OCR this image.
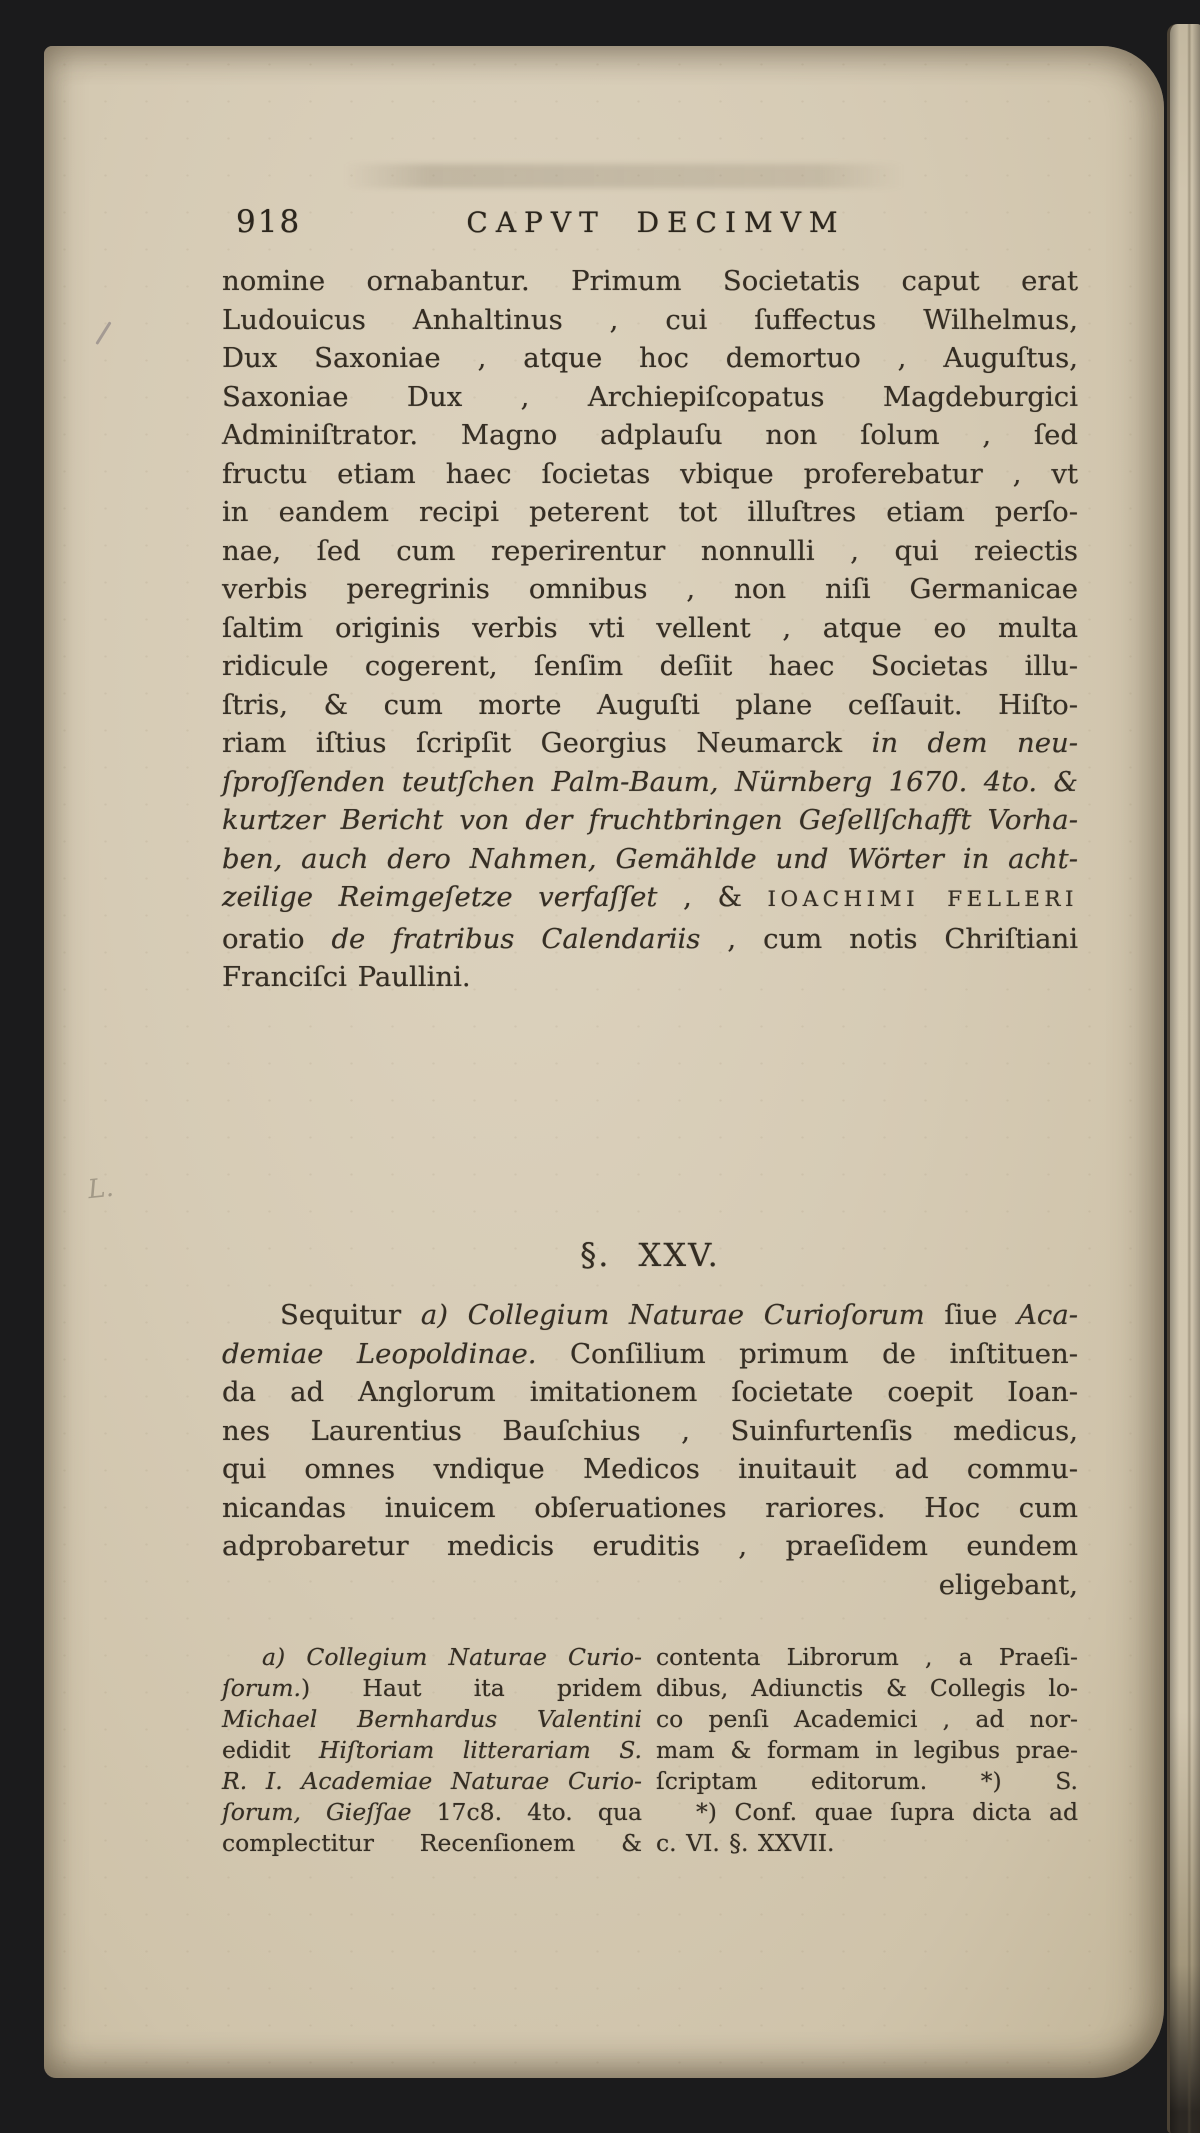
918	CAPVT DECIMVM
nomine ornabantur. Primum Societatis caput erat
Ludouicus Anhaltinus , cui ſuffectus Wilhelmus,
Dux Saxoniae , atque hoc demortuo , Auguſtus,
Saxoniae Dux , Archiepiſcopatus Magdeburgici
Adminiſtrator. Magno adplauſu non ſolum , ſed
fructu etiam haec ſocietas vbique proferebatur , vt
in eandem recipi peterent tot illuſtres etiam perſo-
nae, ſed cum reperirentur nonnulli , qui reiectis
verbis peregrinis omnibus , non niſi Germanicae
ſaltim originis verbis vti vellent , atque eo multa
ridicule cogerent, ſenſim deſiit haec Societas illu-
ſtris, & cum morte Auguſti plane ceſſauit. Hiſto-
riam iſtius ſcripſit Georgius Neumarck in dem neu-
ſproſſenden teutſchen Palm-Baum, Nürnberg 1670. 4to. &
kurtzer Bericht von der fruchtbringen Geſellſchafft Vorha-
ben, auch dero Nahmen, Gemählde und Wörter in acht-
zeilige Reimgeſetze verfaſſet , & IOACHIMI FELLERI
oratio de fratribus Calendariis , cum notis Chriſtiani
Franciſci Paullini.
§. XXV.
Sequitur a) Collegium Naturae Curioſorum ſiue Aca-
demiae Leopoldinae. Conſilium primum de inſtituen-
da ad Anglorum imitationem ſocietate coepit Ioan-
nes Laurentius Bauſchius , Suinfurtenſis medicus,
qui omnes vndique Medicos inuitauit ad commu-
nicandas inuicem obſeruationes rariores. Hoc cum
adprobaretur medicis eruditis , praeſidem eundem
eligebant,
a) Collegium Naturae Curio-
ſorum.) Haut ita pridem
Michael Bernhardus Valentini
edidit Hiſtoriam litterariam S.
R. I. Academiae Naturae Curio-
ſorum, Gieſſae 17c8. 4to. qua
complectitur Recenſionem &
contenta Librorum , a Praeſi-
dibus, Adiunctis & Collegis lo-
co penſi Academici , ad nor-
mam & formam in legibus prae-
ſcriptam editorum. *) S.
*) Conf. quae ſupra dicta ad
c. VI. §. XXVII.
L.
